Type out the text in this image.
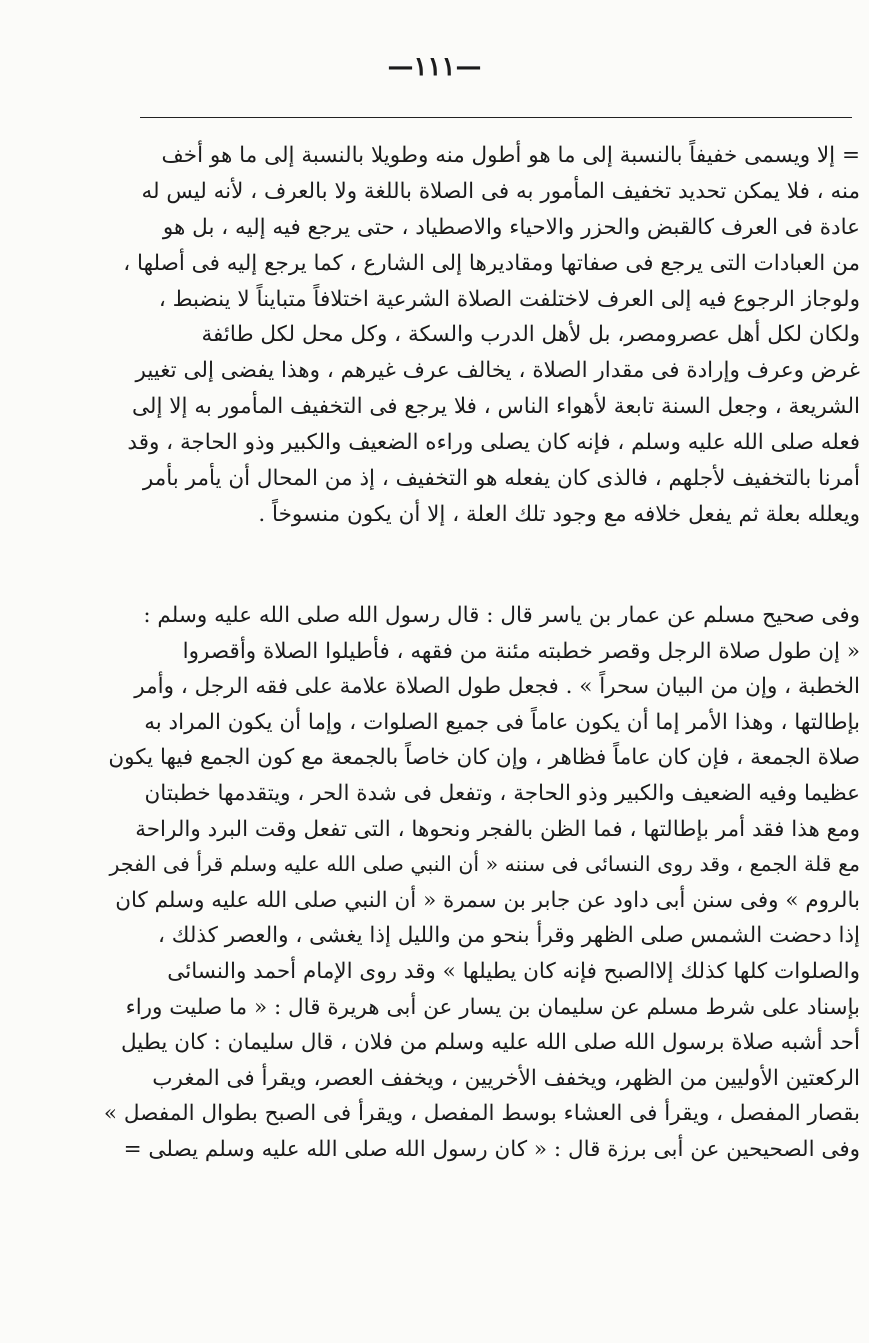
—١١١—
= إلا ويسمى خفيفاً بالنسبة إلى ما هو أطول منه وطويلا بالنسبة إلى ما هو أخف
منه ، فلا يمكن تحديد تخفيف المأمور به فى الصلاة باللغة ولا بالعرف ، لأنه ليس له
عادة فى العرف كالقبض والحزر والاحياء والاصطياد ، حتى يرجع فيه إليه ، بل هو
من العبادات التى يرجع فى صفاتها ومقاديرها إلى الشارع ، كما يرجع إليه فى أصلها ،
ولوجاز الرجوع فيه إلى العرف لاختلفت الصلاة الشرعية اختلافاً متبايناً لا ينضبط ،
ولكان لكل أهل عصرومصر، بل لأهل الدرب والسكة ، وكل محل لكل طائفة
غرض وعرف وإرادة فى مقدار الصلاة ، يخالف عرف غيرهم ، وهذا يفضى إلى تغيير
الشريعة ، وجعل السنة تابعة لأهواء الناس ، فلا يرجع فى التخفيف المأمور به إلا إلى
فعله صلى الله عليه وسلم ، فإنه كان يصلى وراءه الضعيف والكبير وذو الحاجة ، وقد
أمرنا بالتخفيف لأجلهم ، فالذى كان يفعله هو التخفيف ، إذ من المحال أن يأمر بأمر
ويعلله بعلة ثم يفعل خلافه مع وجود تلك العلة ، إلا أن يكون منسوخاً .
وفى صحيح مسلم عن عمار بن ياسر قال : قال رسول الله صلى الله عليه وسلم :
« إن طول صلاة الرجل وقصر خطبته مئنة من فقهه ، فأطيلوا الصلاة وأقصروا
الخطبة ، وإن من البيان سحراً » . فجعل طول الصلاة علامة على فقه الرجل ، وأمر
بإطالتها ، وهذا الأمر إما أن يكون عاماً فى جميع الصلوات ، وإما أن يكون المراد به
صلاة الجمعة ، فإن كان عاماً فظاهر ، وإن كان خاصاً بالجمعة مع كون الجمع فيها يكون
عظيما وفيه الضعيف والكبير وذو الحاجة ، وتفعل فى شدة الحر ، ويتقدمها خطبتان
ومع هذا فقد أمر بإطالتها ، فما الظن بالفجر ونحوها ، التى تفعل وقت البرد والراحة
مع قلة الجمع ، وقد روى النسائى فى سننه « أن النبي صلى الله عليه وسلم قرأ فى الفجر
بالروم » وفى سنن أبى داود عن جابر بن سمرة « أن النبي صلى الله عليه وسلم كان
إذا دحضت الشمس صلى الظهر وقرأ بنحو من والليل إذا يغشى ، والعصر كذلك ،
والصلوات كلها كذلك إلاالصبح فإنه كان يطيلها » وقد روى الإمام أحمد والنسائى
بإسناد على شرط مسلم عن سليمان بن يسار عن أبى هريرة قال : « ما صليت وراء
أحد أشبه صلاة برسول الله صلى الله عليه وسلم من فلان ، قال سليمان : كان يطيل
الركعتين الأوليين من الظهر، ويخفف الأخريين ، ويخفف العصر، ويقرأ فى المغرب
بقصار المفصل ، ويقرأ فى العشاء بوسط المفصل ، ويقرأ فى الصبح بطوال المفصل »
وفى الصحيحين عن أبى برزة قال : « كان رسول الله صلى الله عليه وسلم يصلى =
